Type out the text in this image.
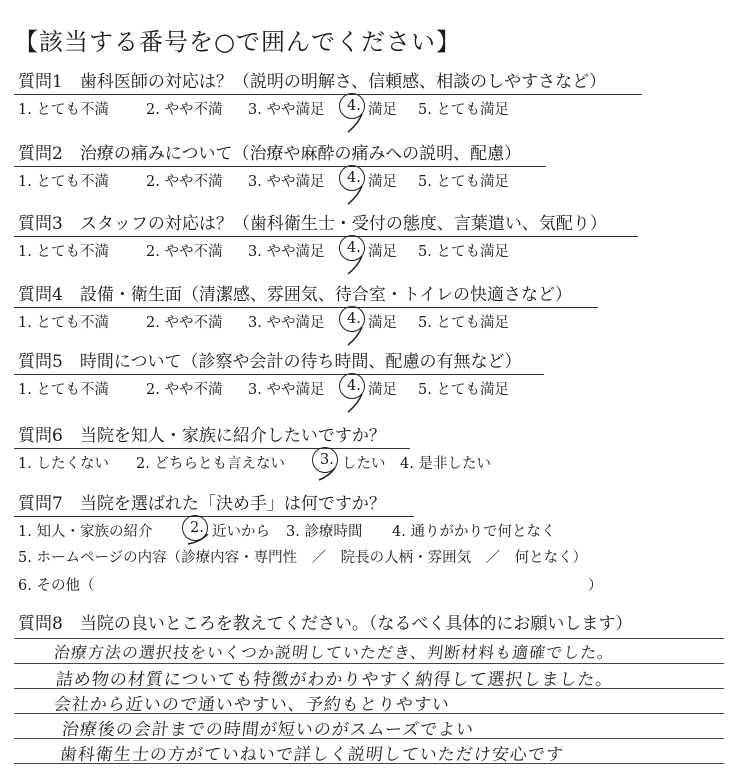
【該当する番号を○で囲んでください】
質問1　歯科医師の対応は？（説明の明解さ、信頼感、相談のしやすさなど）
1. とても不満	2. やや不満 3. やや満足 4. 満足 5. とても満足
質問2　治療の痛みについて（治療や麻酔の痛みへの説明、配慮）
1. とても不満	2. やや不満 3. やや満足 4. 満足 5. とても満足
質問3　スタッフの対応は？（歯科衛生士・受付の態度、言葉遣い、気配り）
1. とても不満	2. やや不満 3. やや満足 4. 満足 5. とても満足
質問4　設備・衛生面（清潔感、雰囲気、待合室・トイレの快適さなど）
1. とても不満	2. やや不満 3. やや満足 4. 満足 5. とても満足
質問5　時間について（診察や会計の待ち時間、配慮の有無など）
1. とても不満	2. やや不満 3. やや満足 4. 満足 5. とても満足
質問6　当院を知人・家族に紹介したいですか？
1. したくない 2. どちらとも言えない 3. したい 4. 是非したい
質問7　当院を選ばれた「決め手」は何ですか？
1. 知人・家族の紹介	2. 近いから 3. 診療時間 4. 通りがかりで何となく
5. ホームページの内容（診療内容・専門性　／　院長の人柄・雰囲気　／　何となく）
6. その他（	）
質問8　当院の良いところを教えてください。（なるべく具体的にお願いします）
治療方法の選択技をいくつか説明していただき、判断材料も適確でした。
詰め物の材質についても特徴がわかりやすく納得して選択しました。
会社から近いので通いやすい、予約もとりやすい
治療後の会計までの時間が短いのがスムーズでよい
歯科衛生士の方がていねいで詳しく説明していただけ安心です
